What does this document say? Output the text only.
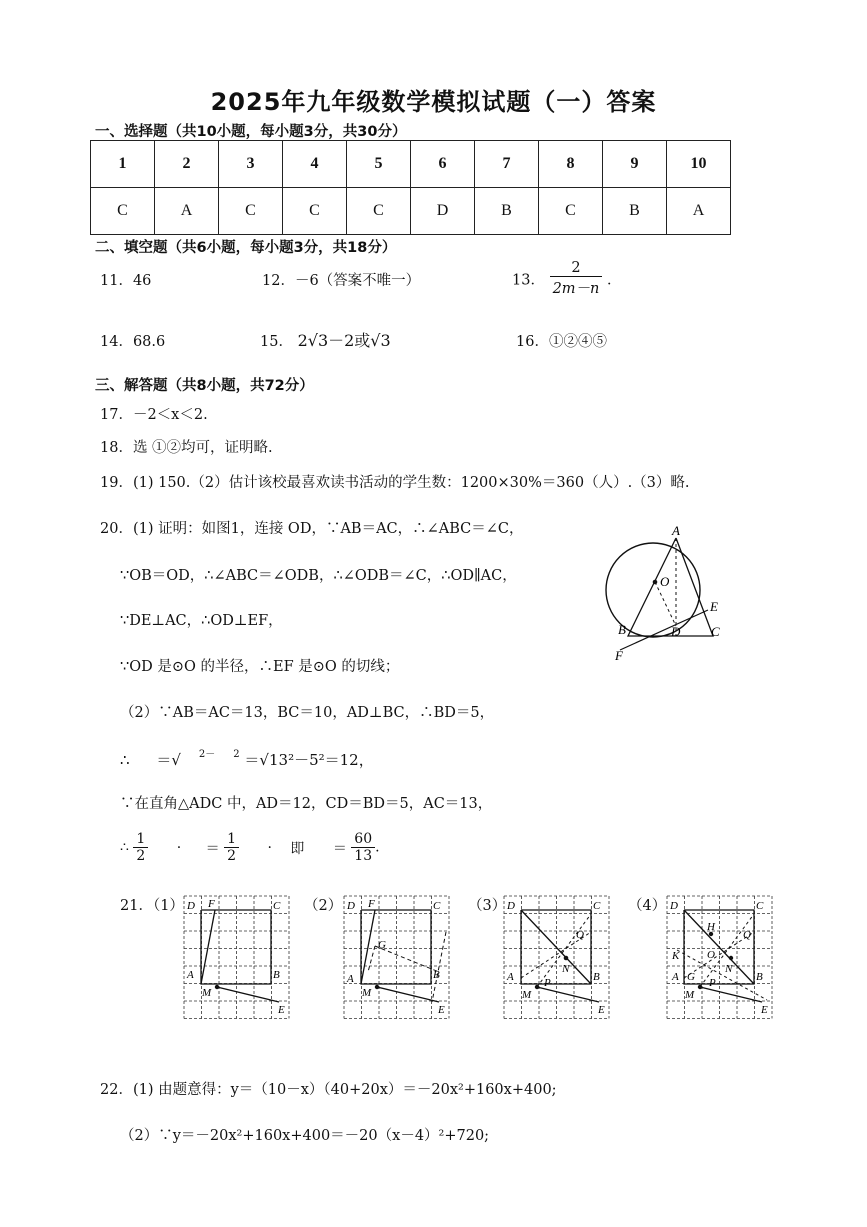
2025年九年级数学模拟试题（一）答案
一、选择题（共10小题，每小题3分，共30分）
1	2	3	4	5	6	7	8	9	10
C	A	C	C	C	D	B	C	B	A
二、填空题（共6小题，每小题3分，共18分）
11．46	12．－6（答案不唯一）	13． $\frac{2}{2m-n}$ ．
14．68.6	15． 2√3－2或√3	16．①②④⑤
三、解答题（共8小题，共72分）
17．－2＜x＜2.
18．选 ①②均可，证明略.
19．(1) 150.（2）估计该校最喜欢读书活动的学生数：1200×30%＝360（人）.（3）略.
20．(1) 证明：如图1，连接 OD，∵AB＝AC，∴∠ABC＝∠C，
∵OB＝OD，∴∠ABC＝∠ODB，∴∠ODB＝∠C，∴OD∥AC，
∵DE⊥AC，∴OD⊥EF，
∵OD 是⊙O 的半径，∴EF 是⊙O 的切线；
（2）∵AB＝AC＝13，BC＝10，AD⊥BC，∴BD＝5，
∴ ＝√ $^{2-}$ $^2$ ＝√13²－5²＝12，
∵在直角△ADC 中，AD＝12，CD＝BD＝5，AC＝13，
∴ $\frac{1}{2}$ · ＝ $\frac{1}{2}$ · 即 ＝ $\frac{60}{13}$ .
A
O
E
B	D C
F
21．（1）	（2）	（3）	（4）
D F	C
A	B
M
E
D F	C
G
A	B
M
E
D	C
Q
N
A	B
M
P
E
D	C
H
Q
K	O
N
A G	B
M
P
E
22．(1) 由题意得：y＝（10－x）（40+20x）＝－20x²+160x+400;
（2）∵y＝－20x²+160x+400＝－20（x－4）²+720;
